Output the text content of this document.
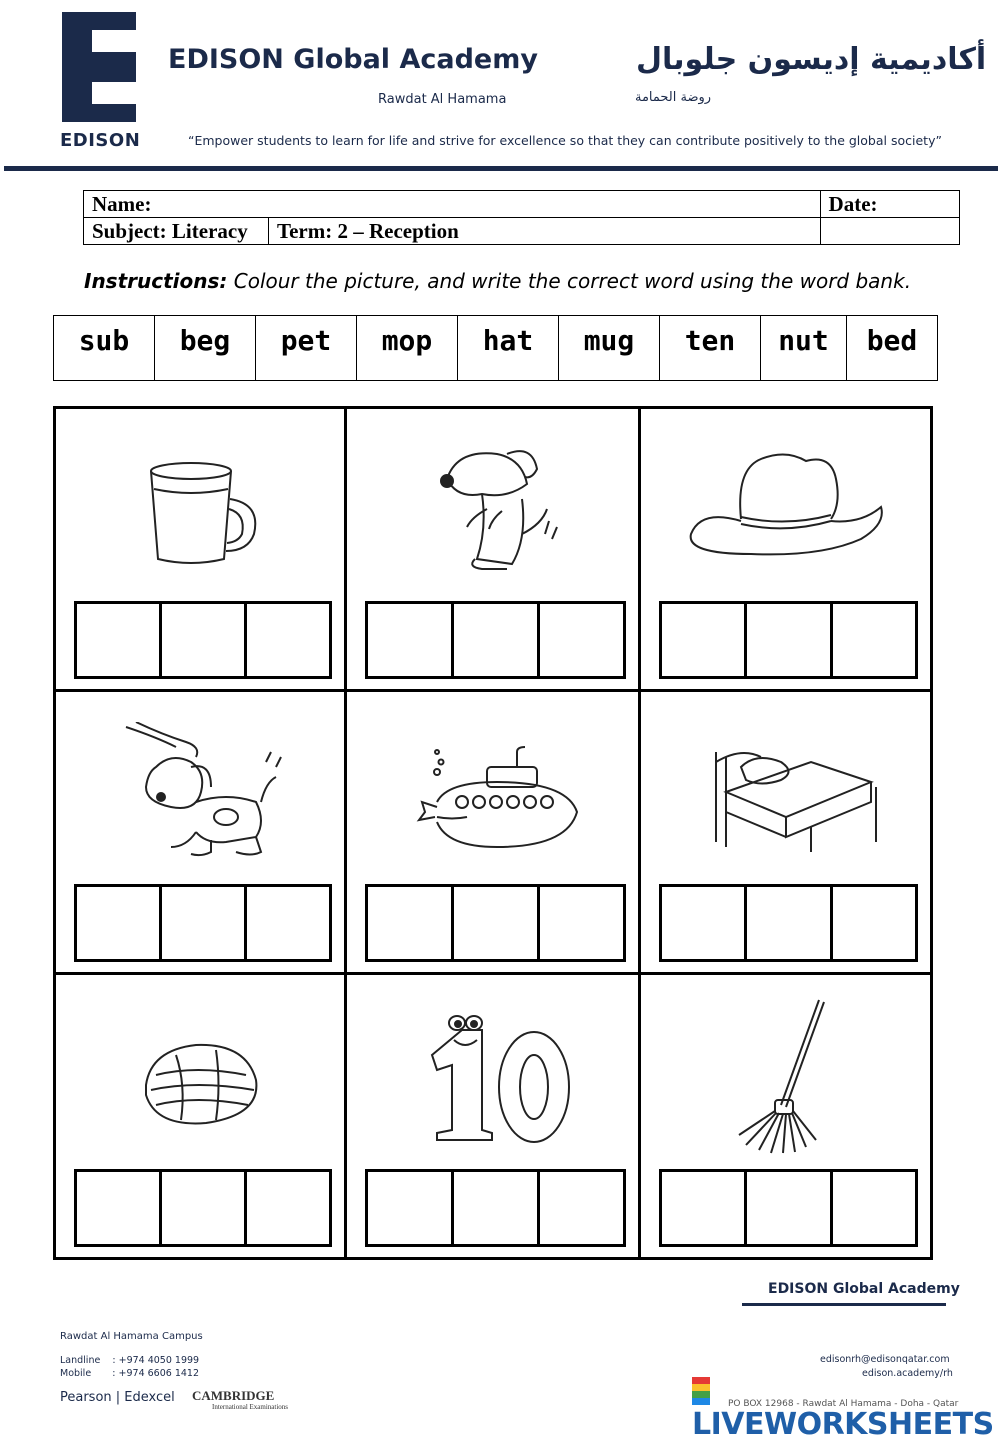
EDISON
EDISON Global Academy
Rawdat Al Hamama
أكاديمية إديسون جلوبال
روضة الحمامة
“Empower students to learn for life and strive for excellence so that they can contribute positively to the global society”
Name:		Date:
Subject: Literacy	Term: 2 – Reception	
Instructions: Colour the picture, and write the correct word using the word bank.
sub	beg	pet	mop	hat	mug	ten	nut	bed
EDISON Global Academy
Rawdat Al Hamama Campus
Landline    : +974 4050 1999
Mobile       : +974 6606 1412
Pearson | Edexcel CAMBRIDGE
International Examinations
edisonrh@edisonqatar.com
edison.academy/rh
PO BOX 12968 - Rawdat Al Hamama - Doha - Qatar
LIVEWORKSHEETS
